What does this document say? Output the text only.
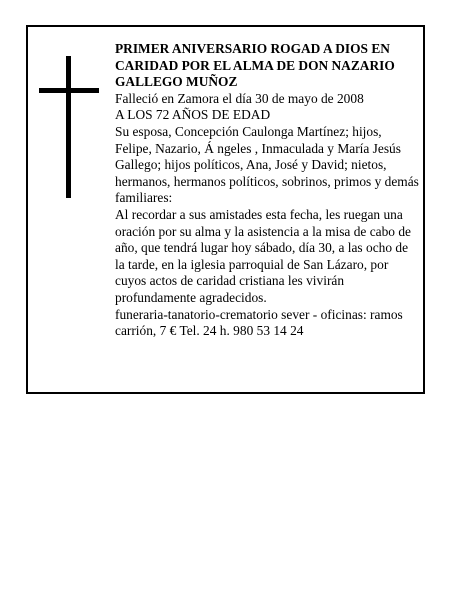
PRIMER ANIVERSARIO ROGAD A DIOS EN CARIDAD POR EL ALMA DE DON NAZARIO GALLEGO MUÑOZ

Falleció en Zamora el día 30 de mayo de 2008

A LOS 72 AÑOS DE EDAD

Su esposa, Concepción Caulonga Martínez; hijos, Felipe, Nazario, Á ngeles , Inmaculada y María Jesús Gallego; hijos políticos, Ana, José y David; nietos, hermanos, hermanos políticos, sobrinos, primos y demás familiares:

Al recordar a sus amistades esta fecha, les ruegan una oración por su alma y la asistencia a la misa de cabo de año, que tendrá lugar hoy sábado, día 30, a las ocho de la tarde, en la iglesia parroquial de San Lázaro, por cuyos actos de caridad cristiana les vivirán profundamente agradecidos.

funeraria-tanatorio-crematorio sever - oficinas: ramos carrión, 7 € Tel. 24 h. 980 53 14 24
